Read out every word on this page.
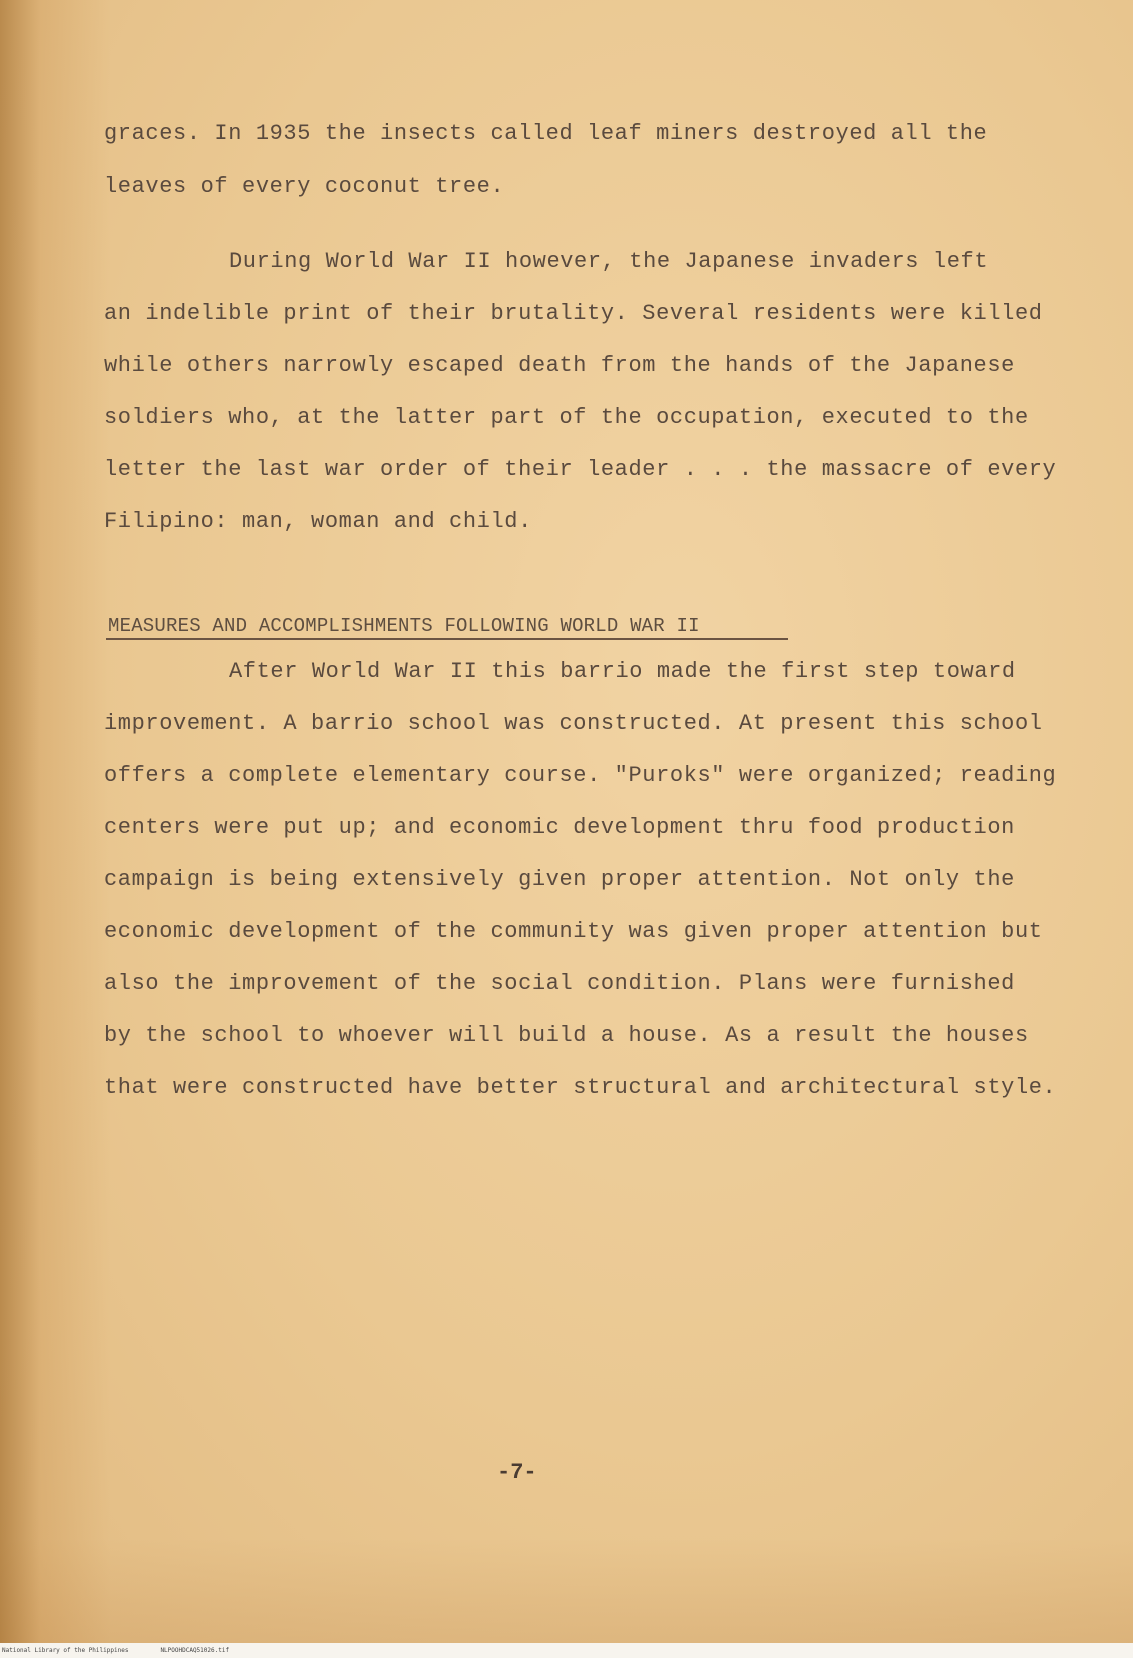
graces. In 1935 the insects called leaf miners destroyed all the
leaves of every coconut tree.
During World War II however, the Japanese invaders left
an indelible print of their brutality. Several residents were killed
while others narrowly escaped death from the hands of the Japanese
soldiers who, at the latter part of the occupation, executed to the
letter the last war order of their leader . . . the massacre of every
Filipino: man, woman and child.
MEASURES AND ACCOMPLISHMENTS FOLLOWING WORLD WAR II
After World War II this barrio made the first step toward
improvement. A barrio school was constructed. At present this school
offers a complete elementary course. "Puroks" were organized; reading
centers were put up; and economic development thru food production
campaign is being extensively given proper attention. Not only the
economic development of the community was given proper attention but
also the improvement of the social condition. Plans were furnished
by the school to whoever will build a house. As a result the houses
that were constructed have better structural and architectural style.
-7-
National Library of the Philippines	NLPOOHDCAQ51026.tif
